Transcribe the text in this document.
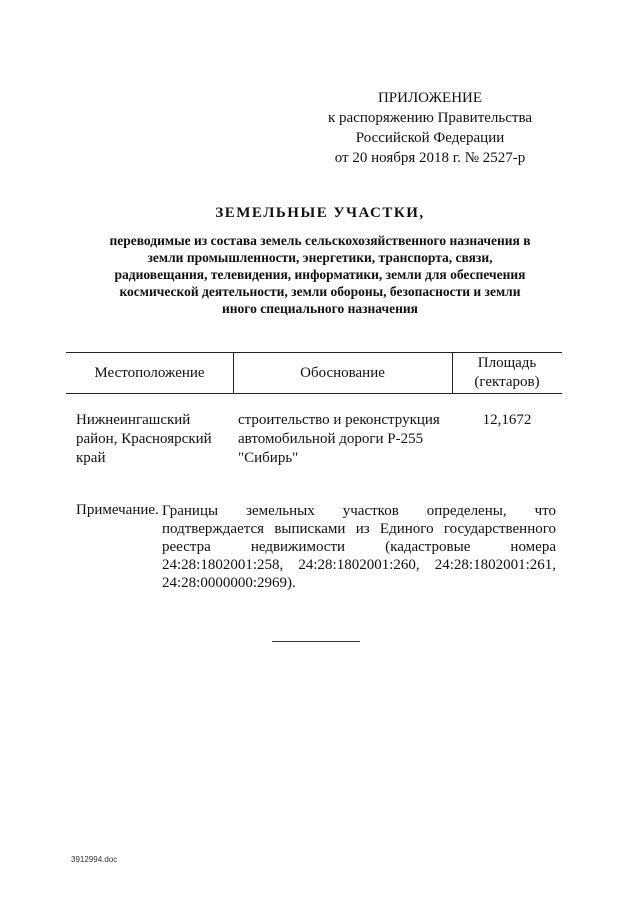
ПРИЛОЖЕНИЕ
к распоряжению Правительства
Российской Федерации
от 20 ноября 2018 г. № 2527-р
ЗЕМЕЛЬНЫЕ УЧАСТКИ,
переводимые из состава земель сельскохозяйственного назначения в
земли промышленности, энергетики, транспорта, связи,
радиовещания, телевидения, информатики, земли для обеспечения
космической деятельности, земли обороны, безопасности и земли
иного специального назначения
Местоположение	Обоснование
Площадь
(гектаров)
Нижнеингашский
район, Красноярский
край
строительство и реконструкция
автомобильной дороги Р-255
"Сибирь"
12,1672
Примечание. Границы земельных участков определены, что
подтверждается выписками из Единого государственного
реестра недвижимости (кадастровые номера
24:28:1802001:258, 24:28:1802001:260, 24:28:1802001:261,
24:28:0000000:2969).
3912994.doc
